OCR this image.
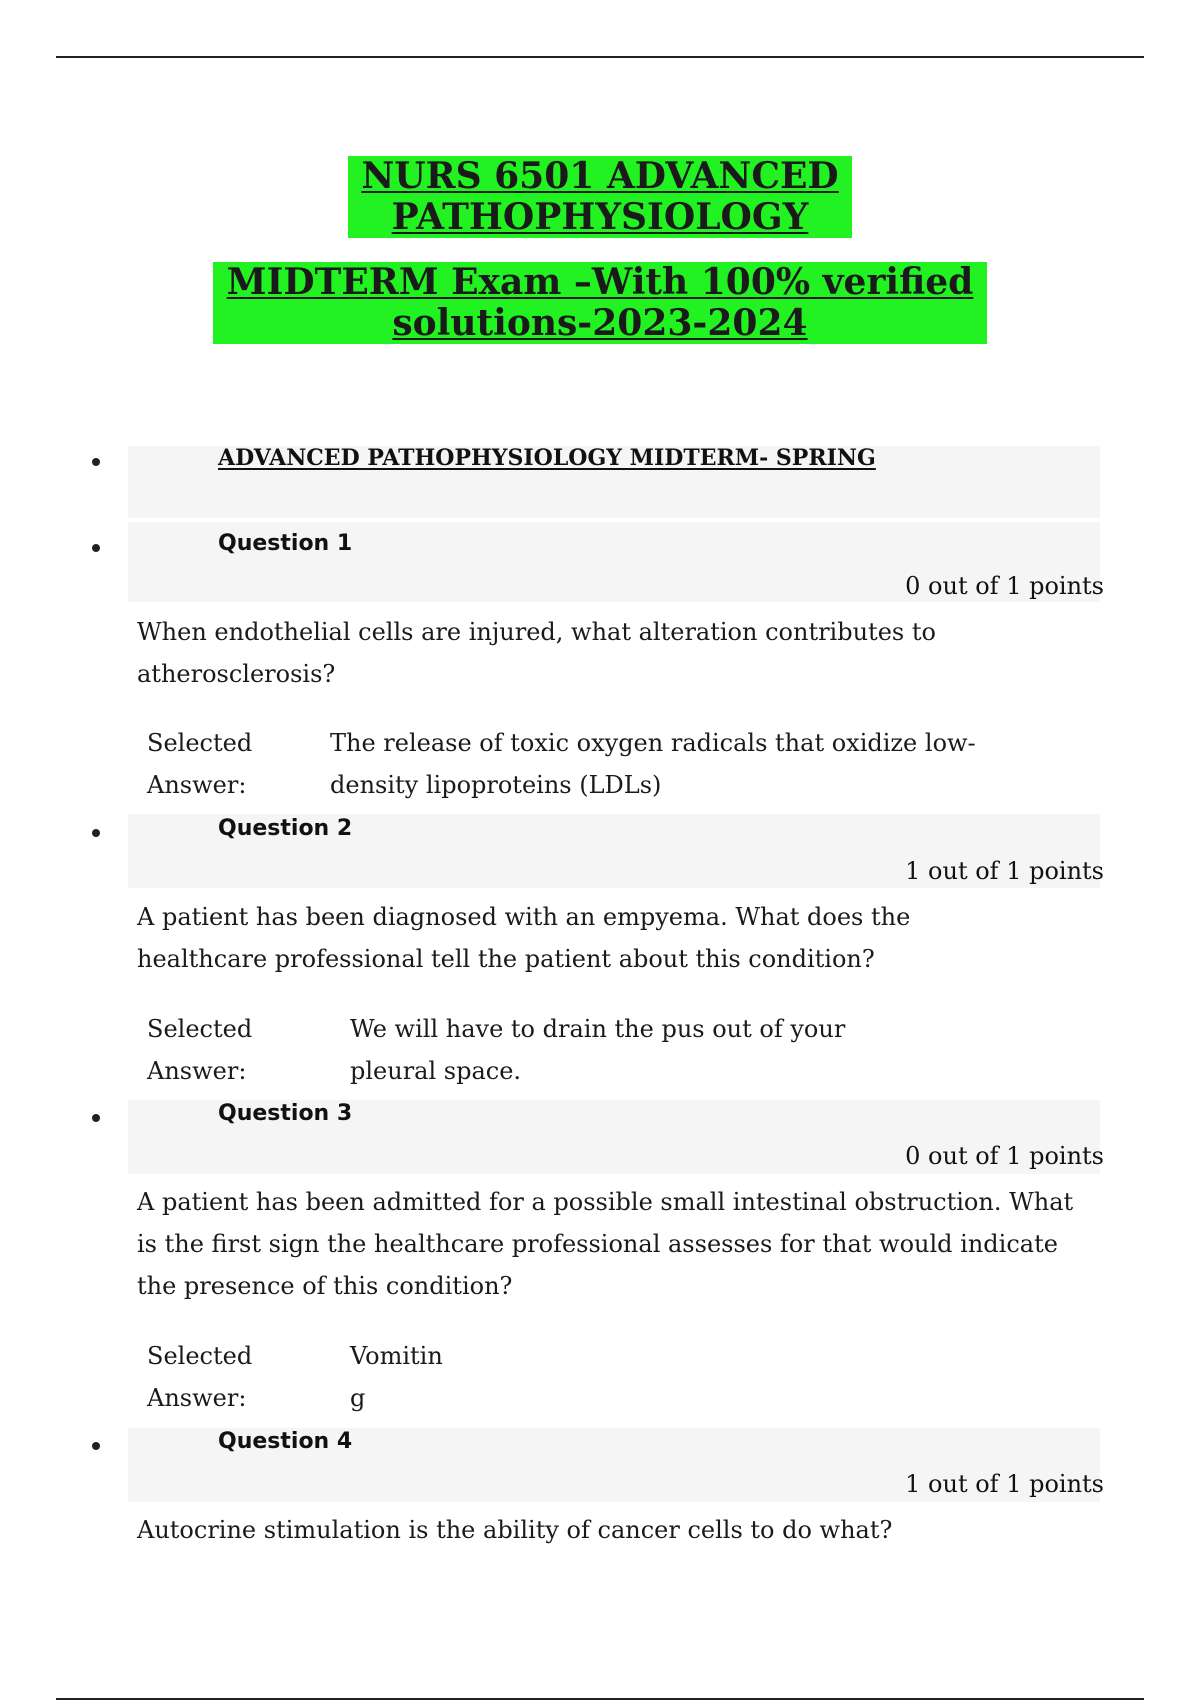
NURS 6501 ADVANCED PATHOPHYSIOLOGY
MIDTERM Exam –With 100% verified solutions-2023-2024
ADVANCED PATHOPHYSIOLOGY MIDTERM- SPRING
Question 1
0 out of 1 points
When endothelial cells are injured, what alteration contributes to atherosclerosis?
Selected
Answer:
The release of toxic oxygen radicals that oxidize low-
density lipoproteins (LDLs)
Question 2
1 out of 1 points
A patient has been diagnosed with an empyema. What does the healthcare professional tell the patient about this condition?
Selected
Answer:
We will have to drain the pus out of your
pleural space.
Question 3
0 out of 1 points
A patient has been admitted for a possible small intestinal obstruction. What is the first sign the healthcare professional assesses for that would indicate the presence of this condition?
Selected
Answer:
Vomitin
g
Question 4
1 out of 1 points
Autocrine stimulation is the ability of cancer cells to do what?
